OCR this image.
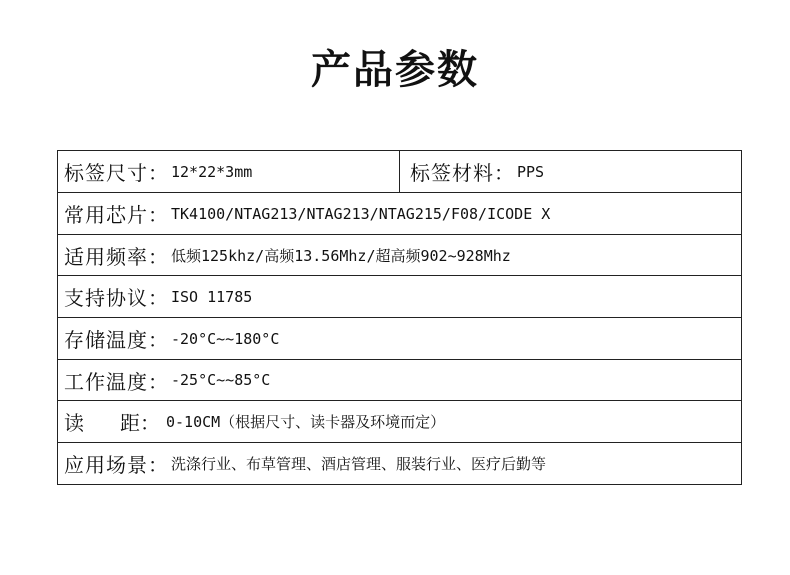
产品参数
标签尺寸： 12*22*3mm	标签材料： PPS
常用芯片： TK4100/NTAG213/NTAG213/NTAG215/F08/ICODE X
适用频率： 低频125khz/高频13.56Mhz/超高频902~928Mhz
支持协议： ISO 11785
存储温度： -20°C~~180°C
工作温度： -25°C~~85°C
读 距： 0-10CM（根据尺寸、读卡器及环境而定）
应用场景： 洗涤行业、布草管理、酒店管理、服装行业、医疗后勤等
